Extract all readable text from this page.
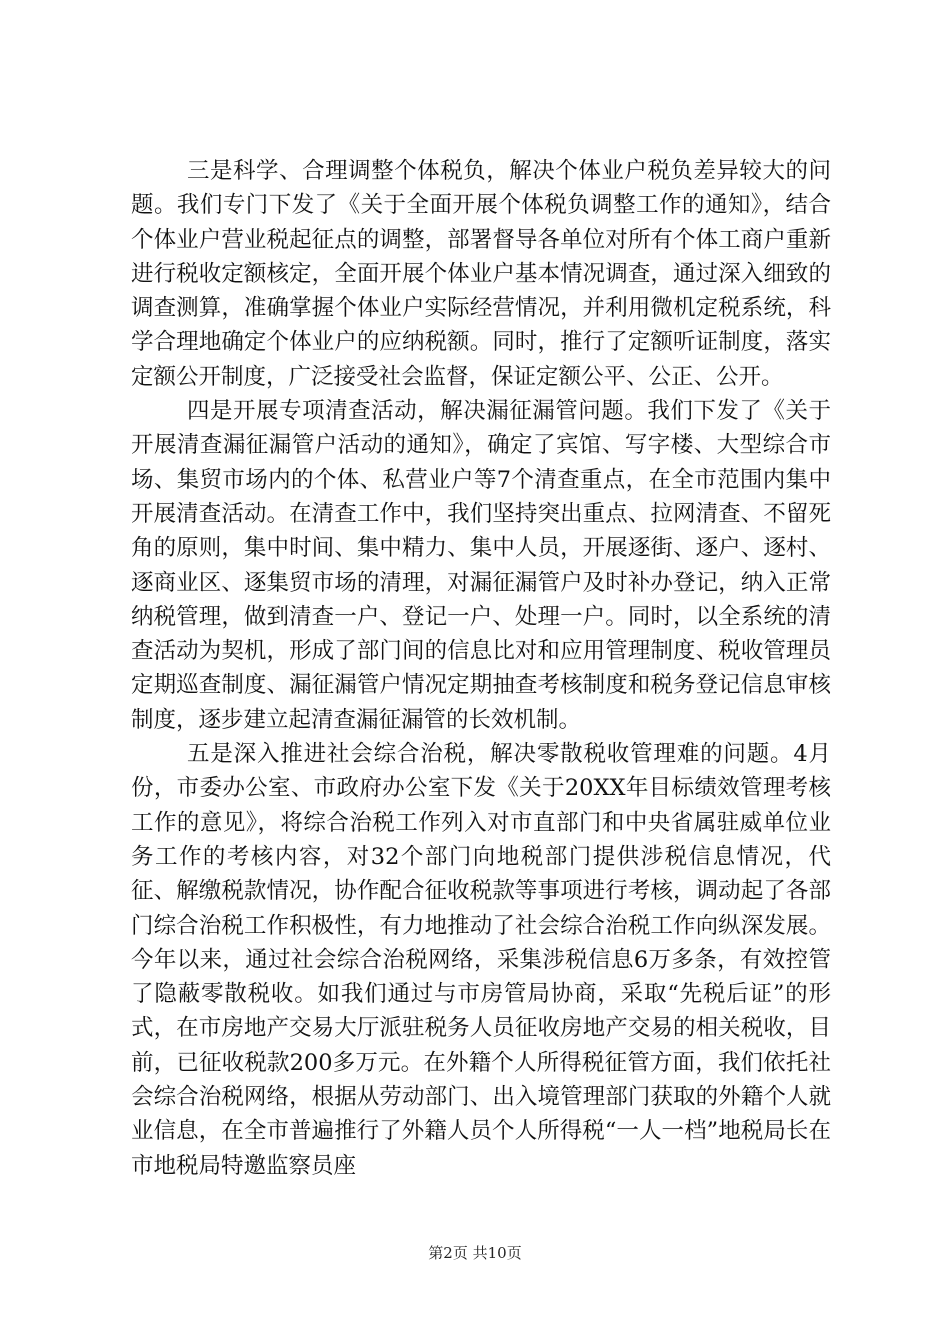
三是科学、合理调整个体税负，解决个体业户税负差异较大的问题。我们专门下发了《关于全面开展个体税负调整工作的通知》，结合个体业户营业税起征点的调整，部署督导各单位对所有个体工商户重新进行税收定额核定，全面开展个体业户基本情况调查，通过深入细致的调查测算，准确掌握个体业户实际经营情况，并利用微机定税系统，科学合理地确定个体业户的应纳税额。同时，推行了定额听证制度，落实定额公开制度，广泛接受社会监督，保证定额公平、公正、公开。

四是开展专项清查活动，解决漏征漏管问题。我们下发了《关于开展清查漏征漏管户活动的通知》，确定了宾馆、写字楼、大型综合市场、集贸市场内的个体、私营业户等7个清查重点，在全市范围内集中开展清查活动。在清查工作中，我们坚持突出重点、拉网清查、不留死角的原则，集中时间、集中精力、集中人员，开展逐街、逐户、逐村、逐商业区、逐集贸市场的清理，对漏征漏管户及时补办登记，纳入正常纳税管理，做到清查一户、登记一户、处理一户。同时，以全系统的清查活动为契机，形成了部门间的信息比对和应用管理制度、税收管理员定期巡查制度、漏征漏管户情况定期抽查考核制度和税务登记信息审核制度，逐步建立起清查漏征漏管的长效机制。

五是深入推进社会综合治税，解决零散税收管理难的问题。4月份，市委办公室、市政府办公室下发《关于20XX年目标绩效管理考核工作的意见》，将综合治税工作列入对市直部门和中央省属驻威单位业务工作的考核内容，对32个部门向地税部门提供涉税信息情况，代征、解缴税款情况，协作配合征收税款等事项进行考核，调动起了各部门综合治税工作积极性，有力地推动了社会综合治税工作向纵深发展。今年以来，通过社会综合治税网络，采集涉税信息6万多条，有效控管了隐蔽零散税收。如我们通过与市房管局协商，采取“先税后证”的形式，在市房地产交易大厅派驻税务人员征收房地产交易的相关税收，目前，已征收税款200多万元。在外籍个人所得税征管方面，我们依托社会综合治税网络，根据从劳动部门、出入境管理部门获取的外籍个人就业信息，在全市普遍推行了外籍人员个人所得税“一人一档”地税局长在市地税局特邀监察员座

第2页 共10页
